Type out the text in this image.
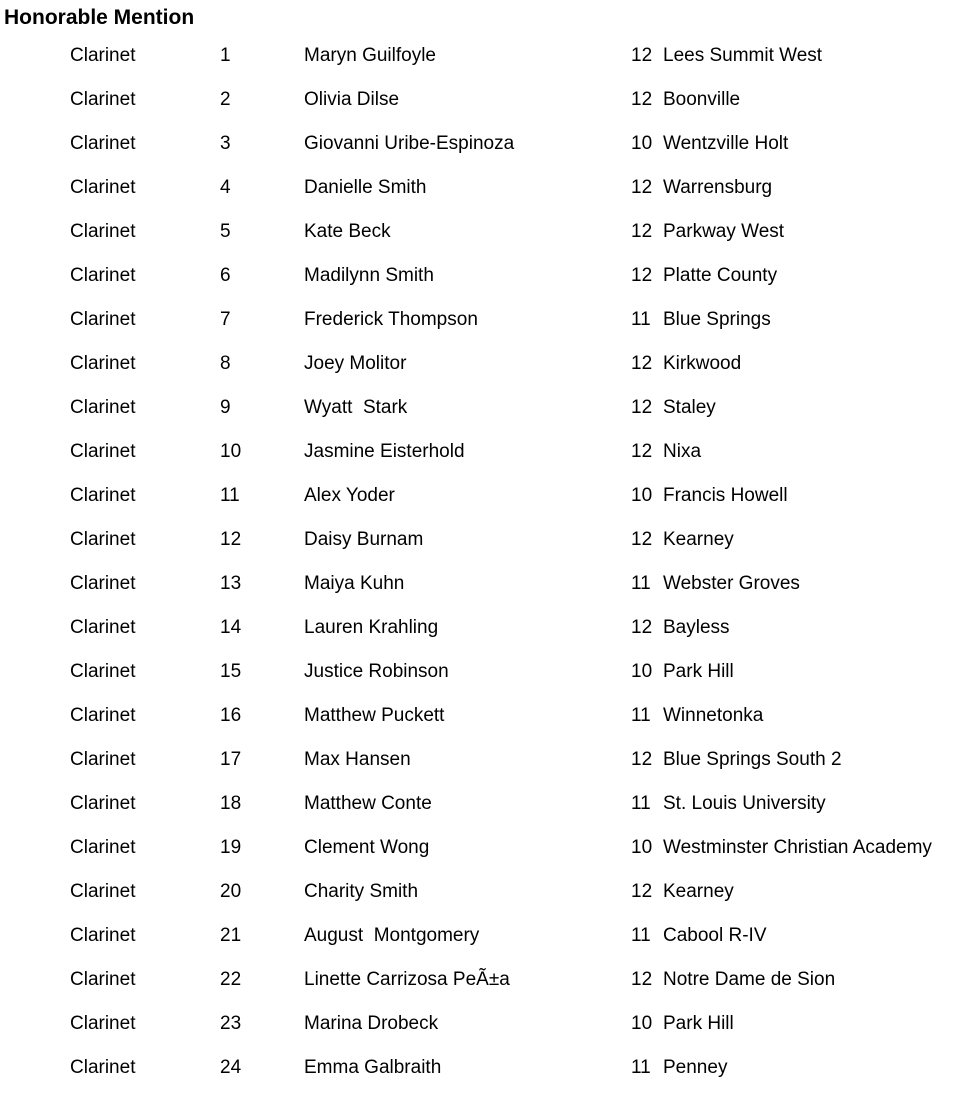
Honorable Mention
Clarinet	1	Maryn Guilfoyle	12 Lees Summit West
Clarinet	2	Olivia Dilse	12 Boonville
Clarinet	3	Giovanni Uribe-Espinoza	10 Wentzville Holt
Clarinet	4	Danielle Smith	12 Warrensburg
Clarinet	5	Kate Beck	12 Parkway West
Clarinet	6	Madilynn Smith	12 Platte County
Clarinet	7	Frederick Thompson	11 Blue Springs
Clarinet	8	Joey Molitor	12 Kirkwood
Clarinet	9	Wyatt  Stark	12 Staley
Clarinet	10	Jasmine Eisterhold	12 Nixa
Clarinet	11	Alex Yoder	10 Francis Howell
Clarinet	12	Daisy Burnam	12 Kearney
Clarinet	13	Maiya Kuhn	11 Webster Groves
Clarinet	14	Lauren Krahling	12 Bayless
Clarinet	15	Justice Robinson	10 Park Hill
Clarinet	16	Matthew Puckett	11 Winnetonka
Clarinet	17	Max Hansen	12 Blue Springs South 2
Clarinet	18	Matthew Conte	11 St. Louis University
Clarinet	19	Clement Wong	10 Westminster Christian Academy
Clarinet	20	Charity Smith	12 Kearney
Clarinet	21	August  Montgomery	11 Cabool R-IV
Clarinet	22	Linette Carrizosa PeÃ±a	12 Notre Dame de Sion
Clarinet	23	Marina Drobeck	10 Park Hill
Clarinet	24	Emma Galbraith	11 Penney
